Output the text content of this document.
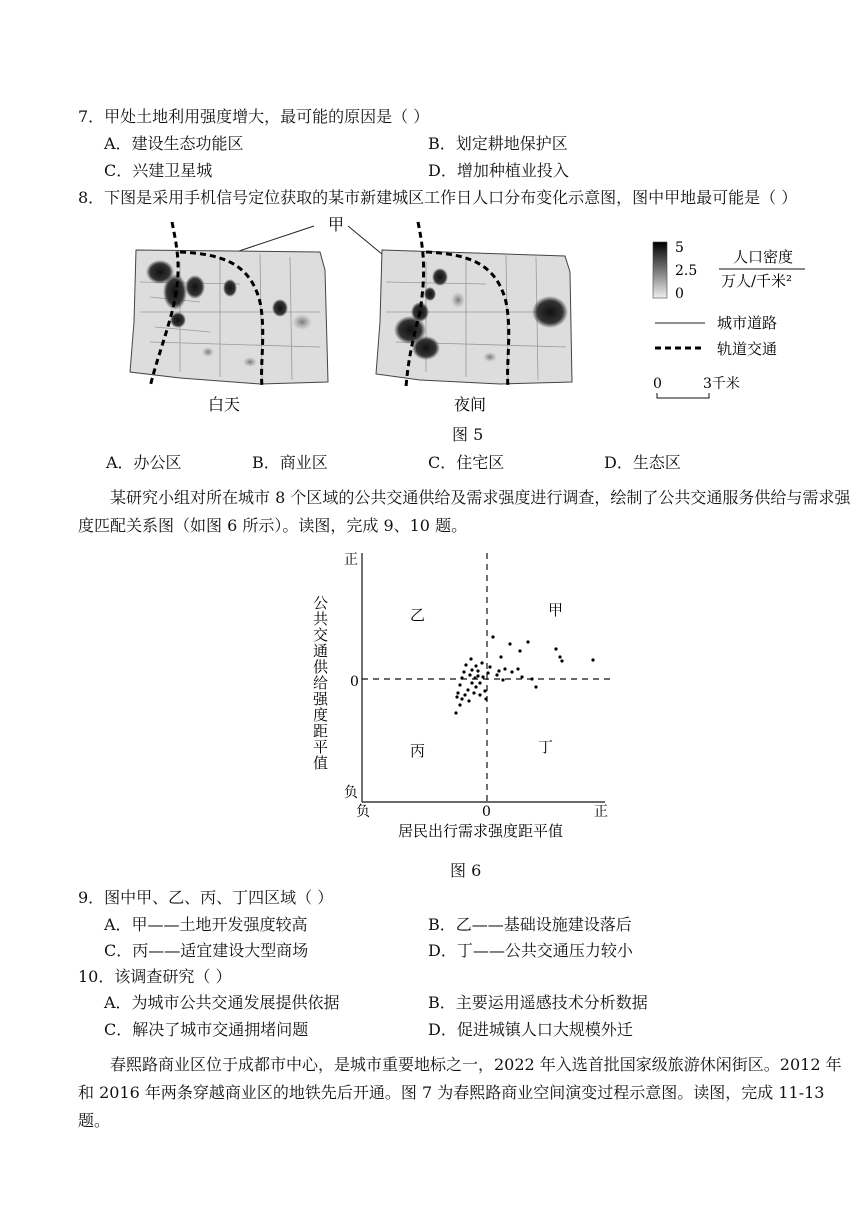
7．甲处土地利用强度增大，最可能的原因是（ ）
A．建设生态功能区	B．划定耕地保护区
C．兴建卫星城	D．增加种植业投入
8．下图是采用手机信号定位获取的某市新建城区工作日人口分布变化示意图，图中甲地最可能是（ ）
甲
白天	夜间
5
2.5
0
人口密度
万人/千米²
城市道路
轨道交通
0	3千米
图 5
A．办公区	B．商业区	C．住宅区	D．生态区
某研究小组对所在城市 8 个区域的公共交通供给及需求强度进行调查，绘制了公共交通服务供给与需求强度匹配关系图（如图 6 所示）。读图，完成 9、10 题。
公共交通供给强度距平值
正
0
负
乙	甲
丙	丁
负	0	正
居民出行需求强度距平值
图 6
9．图中甲、乙、丙、丁四区域（ ）
A．甲——土地开发强度较高	B．乙——基础设施建设落后
C．丙——适宜建设大型商场	D．丁——公共交通压力较小
10．该调查研究（ ）
A．为城市公共交通发展提供依据	B．主要运用遥感技术分析数据
C．解决了城市交通拥堵问题	D．促进城镇人口大规模外迁
春熙路商业区位于成都市中心，是城市重要地标之一，2022 年入选首批国家级旅游休闲街区。2012 年和 2016 年两条穿越商业区的地铁先后开通。图 7 为春熙路商业空间演变过程示意图。读图，完成 11-13 题。
